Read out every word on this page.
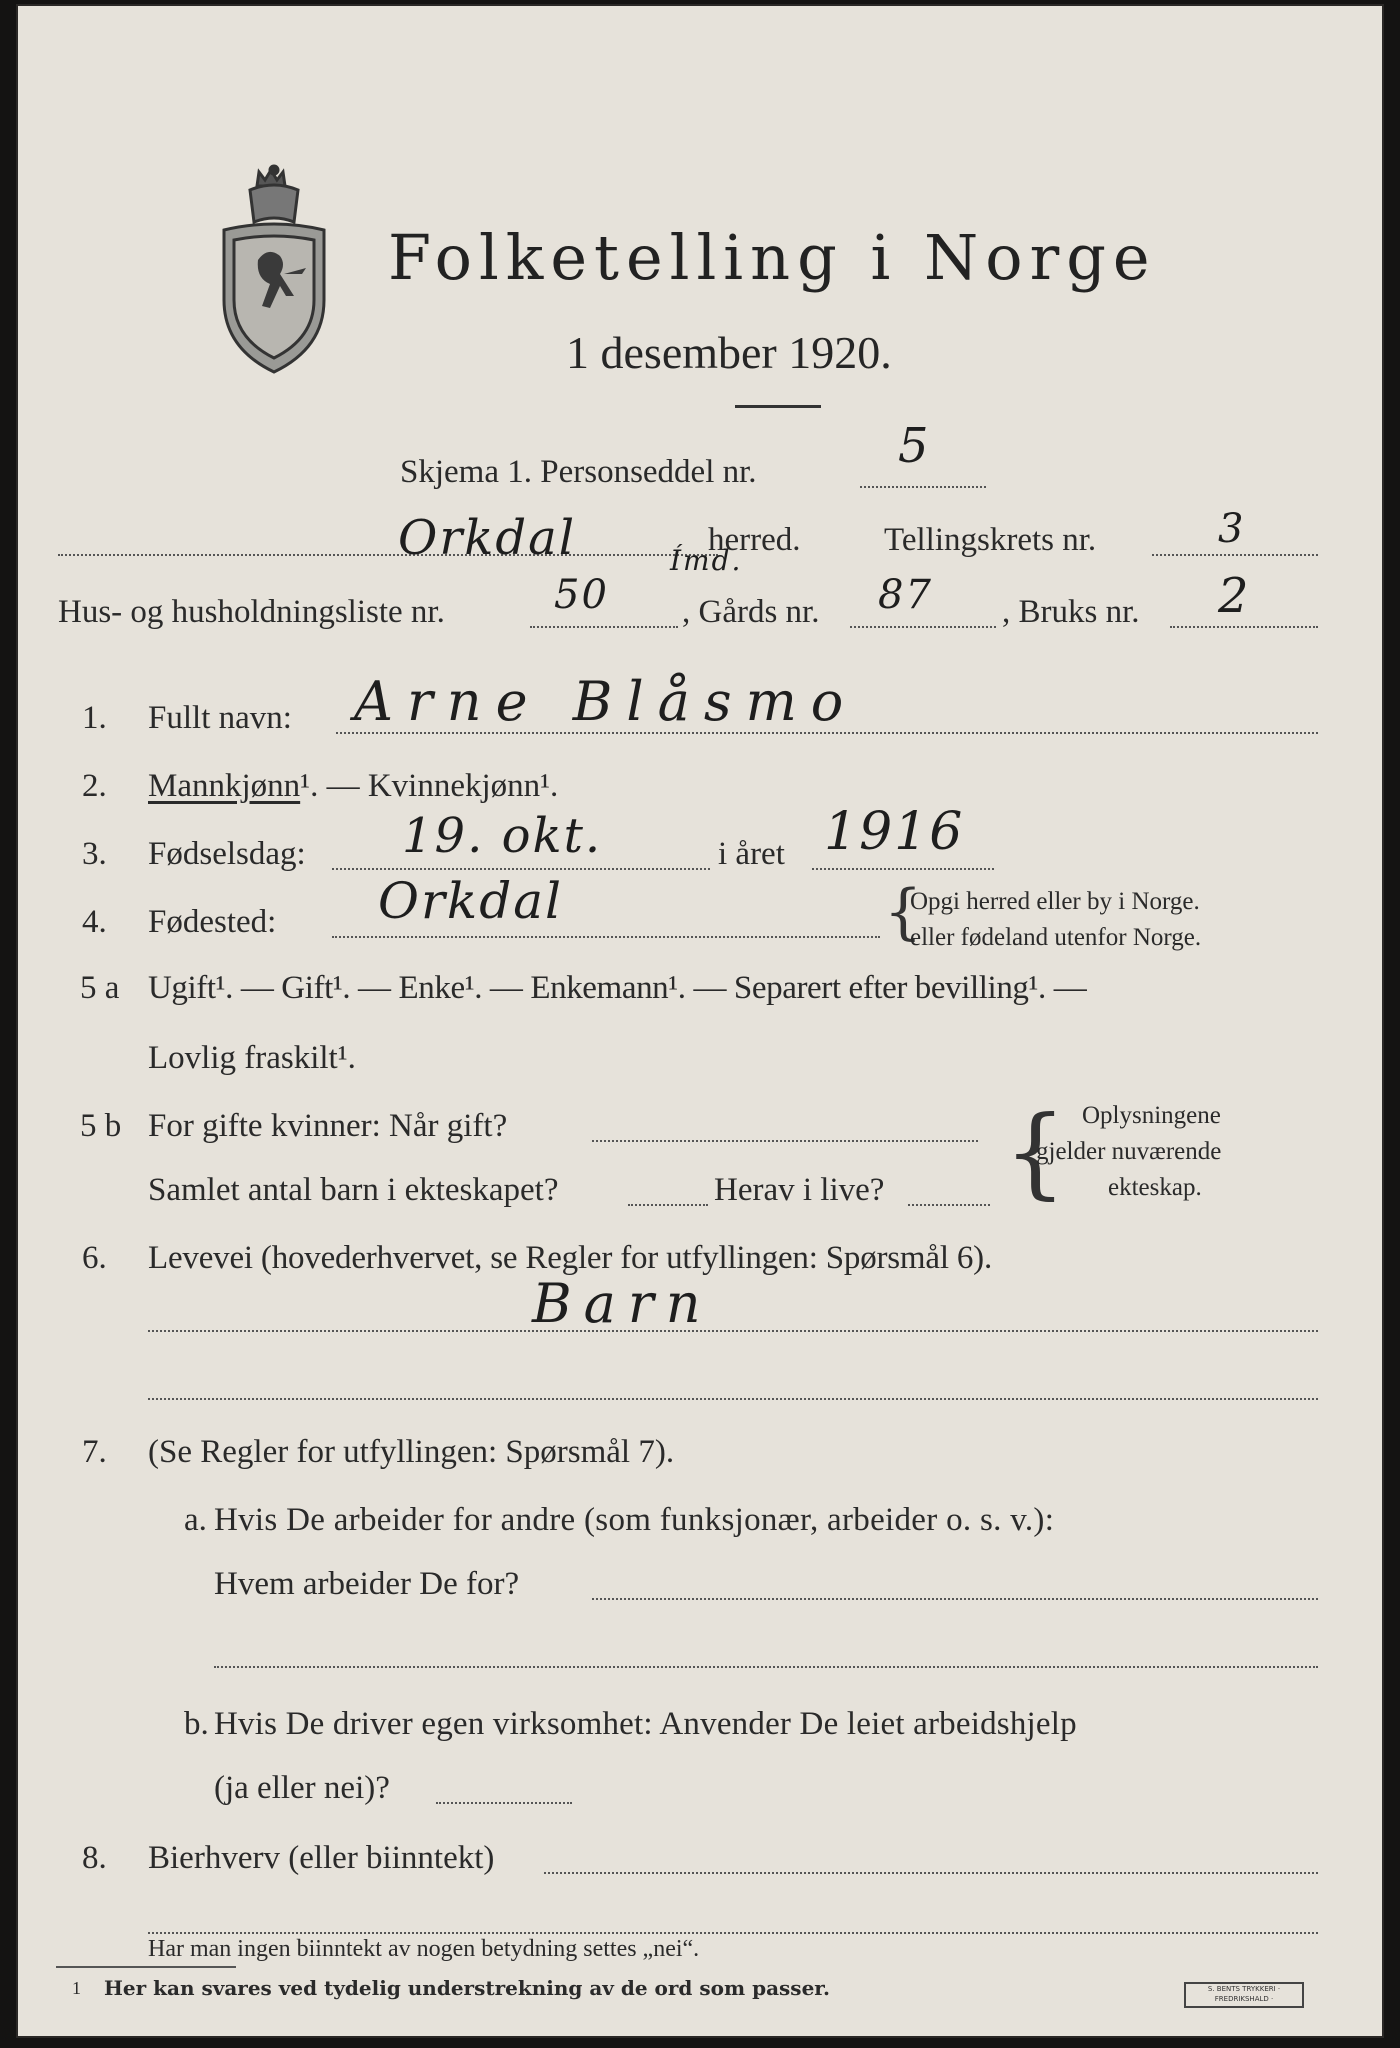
Folketelling i Norge
1 desember 1920.
Skjema 1. Personseddel nr.	5
Orkdal	herred.	Tellingskrets nr.	3
Hus- og husholdningsliste nr.	50 , Gårds nr.
Ímd.
87 , Bruks nr. 2
1. Fullt navn: Arne Blåsmo
2. Mannkjønn¹. — Kvinnekjønn¹.
3. Fødselsdag: 19. okt.	i året 1916
4. Fødested: Orkdal	{
Opgi herred eller by i Norge.
eller fødeland utenfor Norge.
5 a Ugift¹. — Gift¹. — Enke¹. — Enkemann¹. — Separert efter bevilling¹. —
Lovlig fraskilt¹.
5 b For gifte kvinner: Når gift?
Samlet antal barn i ekteskapet?	Herav i live? { Oplysningene
gjelder nuværende
ekteskap.
6. Levevei (hovederhvervet, se Regler for utfyllingen: Spørsmål 6).
Barn
7. (Se Regler for utfyllingen: Spørsmål 7).
a. Hvis De arbeider for andre (som funksjonær, arbeider o. s. v.):
Hvem arbeider De for?
b. Hvis De driver egen virksomhet: Anvender De leiet arbeidshjelp
(ja eller nei)?
8. Bierhverv (eller biinntekt)
Har man ingen biinntekt av nogen betydning settes „nei“.
1 Her kan svares ved tydelig understrekning av de ord som passer.	S. BENTS TRYKKERI · FREDRIKSHALD ·
